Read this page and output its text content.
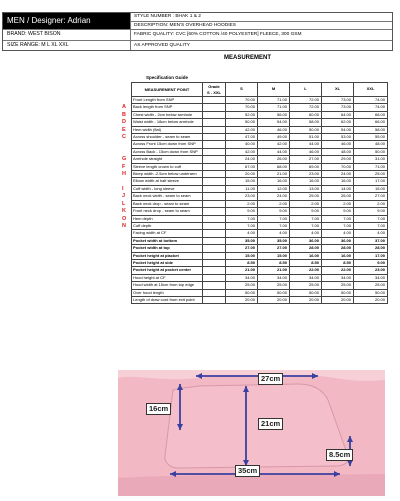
MEN / Designer: Adrian	STYLE NUMBER : BHAK 1 & 2
DESCRIPTION: MEN'S OVERHEAD HOODIES
BRAND: WEST BISON	FABRIC QUALITY: CVC [60% COTTON /40 POLYESTER] FLEECE, 300 GSM
SIZE RANGE: M L XL XXL	AS APPROVED QUALITY
MEASUREMENT
Specification Guide
MEASUREMENT POINT	Grade
S - XXL	S	M	L	XL	XXL
Front Length from SNP		70.00	71.00	72.00	73.00	74.00
Back length from SNP		70.00	71.00	72.00	73.00	74.00
Chest width - 2cm below armhole		52.00	56.00	60.00	64.00	68.00
Waist width - 18cm below armhole		50.00	54.00	58.00	62.00	66.00
Hem width (flat)		42.00	46.00	50.00	54.00	58.00
Across shoulder - seam to seam		47.00	49.00	51.00	53.00	55.00
Across Front 15cm down from SNP		40.00	42.00	44.00	46.00	48.00
Across Back - 15cm down from SNP		42.00	44.00	46.00	48.00	50.00
Armhole straight		24.00	26.00	27.00	29.00	31.00
Sleeve length crown to cuff		67.00	68.00	69.00	70.00	71.00
Bicep width -2.5cm below underarm		20.00	21.00	23.00	24.00	25.00
Elbow width at half sleeve		15.00	16.00	16.00	16.00	17.00
Cuff width - long sleeve		11.00	12.00	13.00	14.00	15.00
Back neck width - seam to seam		23.00	24.00	25.00	26.00	27.00
Back neck drop - seam to seam		2.00	2.00	2.00	2.00	2.00
Front neck drop - seam to seam		9.00	9.00	9.00	9.00	9.00
Hem depth		7.00	7.00	7.00	7.00	7.00
Cuff depth		7.00	7.00	7.00	7.00	7.00
Facing width at CF		4.00	4.00	4.00	4.00	4.00
Pocket width at bottom		35.00	35.00	36.00	36.00	37.00
Pocket width at top		27.00	27.00	28.00	28.00	28.00
Pocket height at placket		15.00	15.00	16.00	16.00	17.00
Pocket height at side		8.50	8.50	8.50	8.50	9.00
Pocket height at pocket center		21.00	21.00	22.00	22.00	23.00
Hood height at CF		34.00	34.00	34.00	34.00	34.00
Hood width at 15cm from top edge		25.00	25.00	25.00	25.00	25.00
Over hood length		50.00	50.00	50.00	50.00	50.00
Length of draw cord from exit point		20.00	20.00	20.00	20.00	20.00
A
B
D
E
C
G
F
H
I
J
L
K
O
N
27cm
16cm
21cm
35cm
8.5cm
